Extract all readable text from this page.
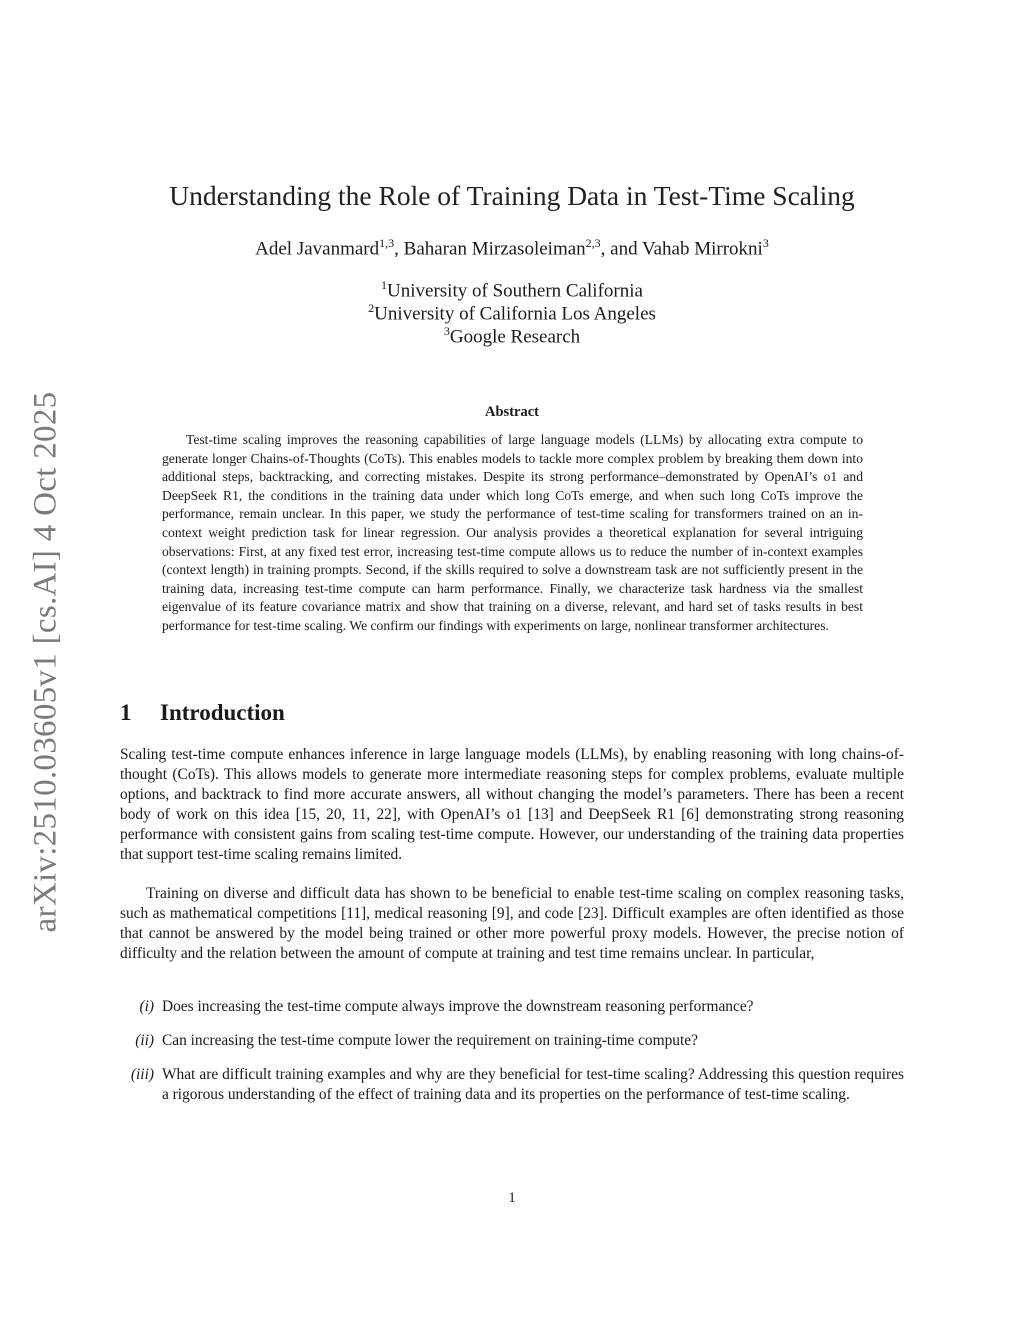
arXiv:2510.03605v1 [cs.AI] 4 Oct 2025
Understanding the Role of Training Data in Test-Time Scaling
Adel Javanmard$^{1,3}$, Baharan Mirzasoleiman$^{2,3}$, and Vahab Mirrokni$^3$
$^1$University of Southern California
$^2$University of California Los Angeles
$^3$Google Research
Abstract

Test-time scaling improves the reasoning capabilities of large language models (LLMs) by allocating extra compute to generate longer Chains-of-Thoughts (CoTs). This enables models to tackle more complex problem by breaking them down into additional steps, backtracking, and correcting mistakes. Despite its strong performance–demonstrated by OpenAI’s o1 and DeepSeek R1, the conditions in the training data under which long CoTs emerge, and when such long CoTs improve the performance, remain unclear. In this paper, we study the performance of test-time scaling for transformers trained on an in-context weight prediction task for linear regression. Our analysis provides a theoretical explanation for several intriguing observations: First, at any fixed test error, increasing test-time compute allows us to reduce the number of in-context examples (context length) in training prompts. Second, if the skills required to solve a downstream task are not sufficiently present in the training data, increasing test-time compute can harm performance. Finally, we characterize task hardness via the smallest eigenvalue of its feature covariance matrix and show that training on a diverse, relevant, and hard set of tasks results in best performance for test-time scaling. We confirm our findings with experiments on large, nonlinear transformer architectures.

1 Introduction

Scaling test-time compute enhances inference in large language models (LLMs), by enabling reasoning with long chains-of-thought (CoTs). This allows models to generate more intermediate reasoning steps for complex problems, evaluate multiple options, and backtrack to find more accurate answers, all without changing the model’s parameters. There has been a recent body of work on this idea [15, 20, 11, 22], with OpenAI’s o1 [13] and DeepSeek R1 [6] demonstrating strong reasoning performance with consistent gains from scaling test-time compute. However, our understanding of the training data properties that support test-time scaling remains limited.

Training on diverse and difficult data has shown to be beneficial to enable test-time scaling on complex reasoning tasks, such as mathematical competitions [11], medical reasoning [9], and code [23]. Difficult examples are often identified as those that cannot be answered by the model being trained or other more powerful proxy models. However, the precise notion of difficulty and the relation between the amount of compute at training and test time remains unclear. In particular,

(i) Does increasing the test-time compute always improve the downstream reasoning performance?
(ii) Can increasing the test-time compute lower the requirement on training-time compute?
(iii) What are difficult training examples and why are they beneficial for test-time scaling? Addressing this question requires a rigorous understanding of the effect of training data and its properties on the performance of test-time scaling.
1
